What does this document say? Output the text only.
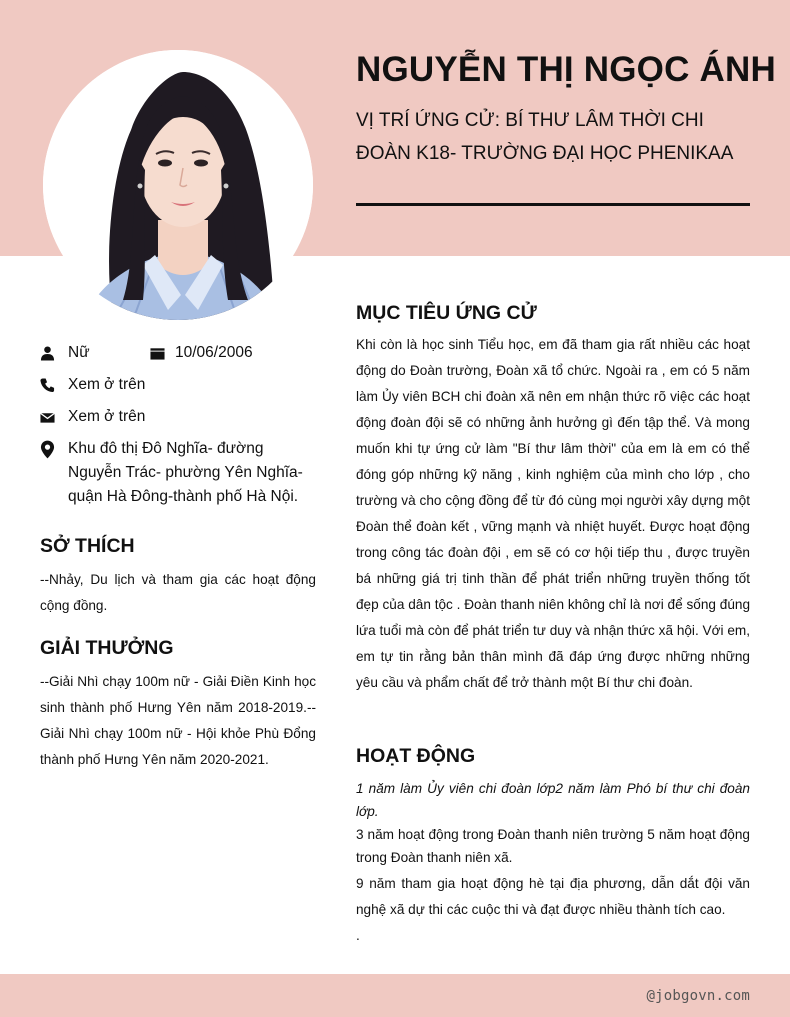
NGUYỄN THỊ NGỌC ÁNH
VỊ TRÍ ỨNG CỬ: BÍ THƯ LÂM THỜI CHI
ĐOÀN K18- TRƯỜNG ĐẠI HỌC PHENIKAA
Nữ	10/06/2006
Xem ở trên
Xem ở trên
Khu đô thị Đô Nghĩa- đường Nguyễn Trác- phường Yên Nghĩa- quận Hà Đông-thành phố Hà Nội.
SỞ THÍCH
--Nhảy, Du lịch và tham gia các hoạt động cộng đồng.
GIẢI THƯỞNG
--Giải Nhì chạy 100m nữ - Giải Điền Kinh học sinh thành phố Hưng Yên năm 2018-2019.--Giải Nhì chạy 100m nữ - Hội khỏe Phù Đổng thành phố Hưng Yên năm 2020-2021.
MỤC TIÊU ỨNG CỬ
Khi còn là học sinh Tiểu học, em đã tham gia rất nhiều các hoạt động do Đoàn trường, Đoàn xã tổ chức. Ngoài ra , em có 5 năm làm Ủy viên BCH chi đoàn xã nên em nhận thức rõ việc các hoạt động đoàn đội sẽ có những ảnh hưởng gì đến tập thể. Và mong muốn khi tự ứng cử làm "Bí thư lâm thời" của em là em có thể đóng góp những kỹ năng , kinh nghiệm của mình cho lớp , cho trường và cho cộng đồng để từ đó cùng mọi người xây dựng một Đoàn thể đoàn kết , vững mạnh và nhiệt huyết. Được hoạt động trong công tác đoàn đội , em sẽ có cơ hội tiếp thu , được truyền bá những giá trị tinh thần để phát triển những truyền thống tốt đẹp của dân tộc . Đoàn thanh niên không chỉ là nơi để sống đúng lứa tuổi mà còn để phát triển tư duy và nhận thức xã hội. Với em, em tự tin rằng bản thân mình đã đáp ứng được những những yêu cầu và phẩm chất để trở thành một Bí thư chi đoàn.
HOẠT ĐỘNG
1 năm làm Ủy viên chi đoàn lớp2 năm làm Phó bí thư chi đoàn lớp.
3 năm hoạt động trong Đoàn thanh niên trường 5 năm hoạt động trong Đoàn thanh niên xã.
9 năm tham gia hoạt động hè tại địa phương, dẫn dắt đội văn nghệ xã dự thi các cuộc thi và đạt được nhiều thành tích cao.
.
@jobgovn.com
